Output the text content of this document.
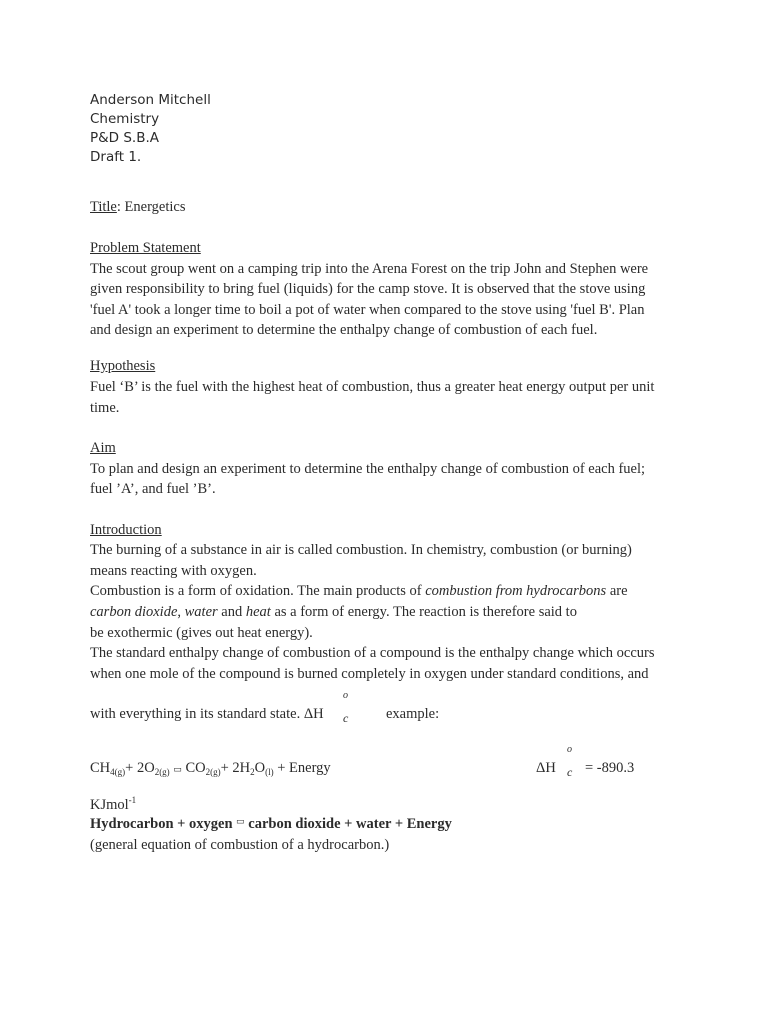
Anderson Mitchell
Chemistry
P&D S.B.A
Draft 1.
Title: Energetics
Problem Statement
The scout group went on a camping trip into the Arena Forest on the trip John and Stephen were
given responsibility to bring fuel (liquids) for the camp stove. It is observed that the stove using
'fuel A' took a longer time to boil a pot of water when compared to the stove using 'fuel B'. Plan
and design an experiment to determine the enthalpy change of combustion of each fuel.
Hypothesis
Fuel ‘B’ is the fuel with the highest heat of combustion, thus a greater heat energy output per unit
time.
Aim
To plan and design an experiment to determine the enthalpy change of combustion of each fuel;
fuel ’A’, and fuel ’B’.
Introduction
The burning of a substance in air is called combustion. In chemistry, combustion (or burning)
means reacting with oxygen.
Combustion is a form of oxidation. The main products of combustion from hydrocarbons are
carbon dioxide, water and heat as a form of energy. The reaction is therefore said to
be exothermic (gives out heat energy).
The standard enthalpy change of combustion of a compound is the enthalpy change which occurs
when one mole of the compound is burned completely in oxygen under standard conditions, and
with everything in its standard state. ΔH
o
c	example:
$CH_{4(g)}+ 2O_{2(g)}$ ▭ $CO_{2(g)}+ 2H_2O_{(l)}$ + Energy	ΔH
o
c = -890.3
KJmol$^{-1}$
Hydrocarbon + oxygen ▭ carbon dioxide + water + Energy
(general equation of combustion of a hydrocarbon.)
